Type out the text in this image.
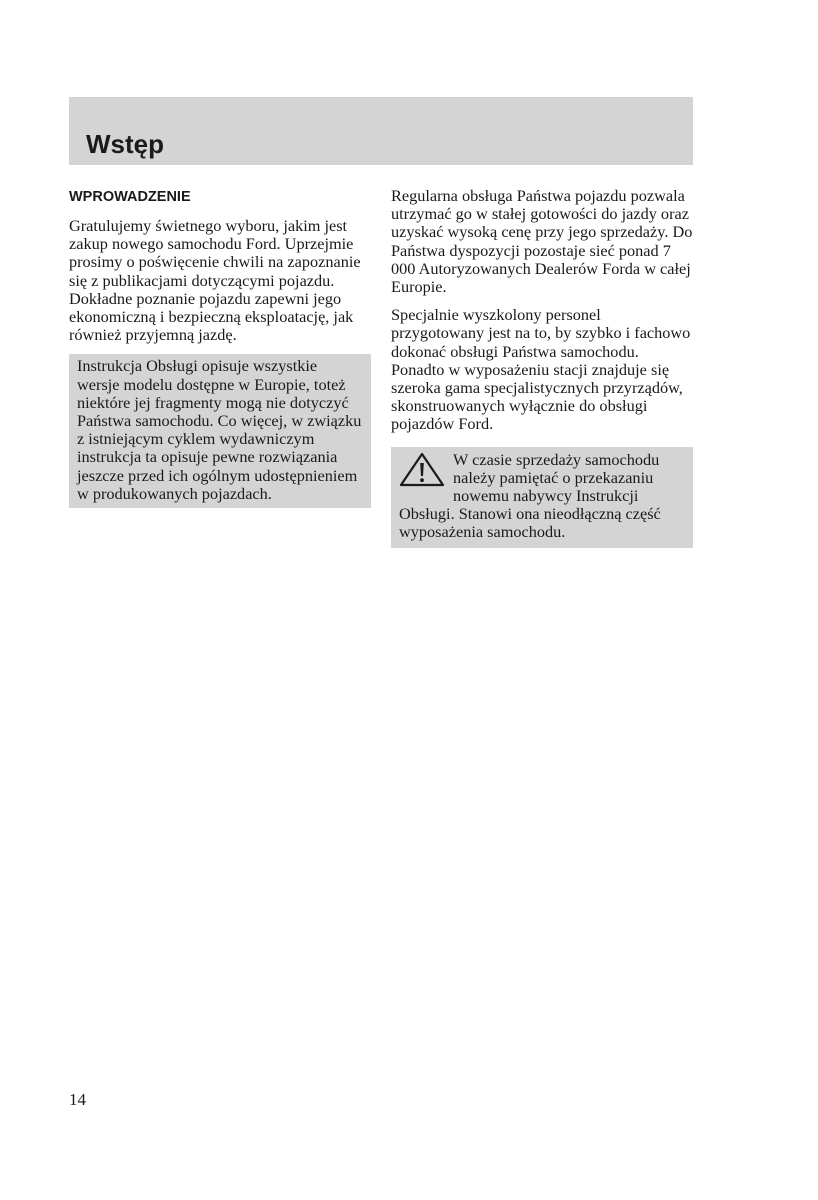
Wstęp
WPROWADZENIE

Gratulujemy świetnego wyboru, jakim jest zakup nowego samochodu Ford. Uprzejmie prosimy o poświęcenie chwili na zapoznanie się z publikacjami dotyczącymi pojazdu. Dokładne poznanie pojazdu zapewni jego ekonomiczną i bezpieczną eksploatację, jak również przyjemną jazdę.

Instrukcja Obsługi opisuje wszystkie wersje modelu dostępne w Europie, toteż niektóre jej fragmenty mogą nie dotyczyć Państwa samochodu. Co więcej, w związku z istniejącym cyklem wydawniczym instrukcja ta opisuje pewne rozwiązania jeszcze przed ich ogólnym udostępnieniem w produkowanych pojazdach.

Regularna obsługa Państwa pojazdu pozwala utrzymać go w stałej gotowości do jazdy oraz uzyskać wysoką cenę przy jego sprzedaży. Do Państwa dyspozycji pozostaje sieć ponad 7 000 Autoryzowanych Dealerów Forda w całej Europie.

Specjalnie wyszkolony personel przygotowany jest na to, by szybko i fachowo dokonać obsługi Państwa samochodu. Ponadto w wyposażeniu stacji znajduje się szeroka gama specjalistycznych przyrządów, skonstruowanych wyłącznie do obsługi pojazdów Ford.

W czasie sprzedaży samochodu należy pamiętać o przekazaniu nowemu nabywcy Instrukcji Obsługi. Stanowi ona nieodłączną część wyposażenia samochodu.

14
